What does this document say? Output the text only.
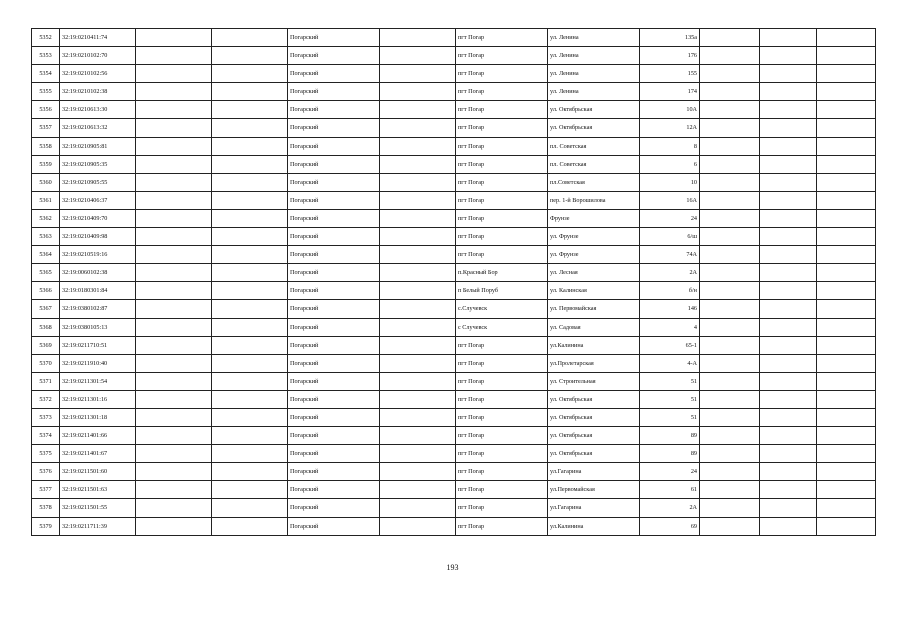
5352	32:19:0210411:74			Погарский		пгт Погар	ул. Ленина	135а			
5353	32:19:0210102:70			Погарский		пгт Погар	ул. Ленина	176			
5354	32:19:0210102:56			Погарский		пгт Погар	ул. Ленина	155			
5355	32:19:0210102:38			Погарский		пгт Погар	ул. Ленина	174			
5356	32:19:0210613:30			Погарский		пгт Погар	ул. Октябрьская	10А			
5357	32:19:0210613:32			Погарский		пгт Погар	ул. Октябрьская	12А			
5358	32:19:0210905:81			Погарский		пгт Погар	пл. Советская	8			
5359	32:19:0210905:35			Погарский		пгт Погар	пл. Советская	6			
5360	32:19:0210905:55			Погарский		пгт Погар	пл.Советская	10			
5361	32:19:0210406:37			Погарский		пгт Погар	пер. 1-й Ворошилова	16А			
5362	32:19:0210409:70			Погарский		пгт Погар	Фрунзе	24			
5363	32:19:0210409:98			Погарский		пгт Погар	ул. Фрунзе	6/ш			
5364	32:19:0210519:16			Погарский		пгт Погар	ул. Фрунзе	74А			
5365	32:19:0060102:38			Погарский		п.Красный Бор	ул. Лесная	2А			
5366	32:19:0180301:84			Погарский		п Белый Поруб	ул. Калинская	б/н			
5367	32:19:0380102:87			Погарский		с.Случевск	ул. Первомайская	146			
5368	32:19:0380105:13			Погарский		с Случевск	ул. Садовая	4			
5369	32:19:0211710:51			Погарский		пгт Погар	ул.Калинина	65-1			
5370	32:19:0211910:40			Погарский		пгт Погар	ул.Пролетарская	4-А			
5371	32:19:0211301:54			Погарский		пгт Погар	ул. Строительная	51			
5372	32:19:0211301:16			Погарский		пгт Погар	ул. Октябрьская	51			
5373	32:19:0211301:18			Погарский		пгт Погар	ул. Октябрьская	51			
5374	32:19:0211401:66			Погарский		пгт Погар	ул. Октябрьская	89			
5375	32:19:0211401:67			Погарский		пгт Погар	ул. Октябрьская	89			
5376	32:19:0211501:60			Погарский		пгт Погар	ул.Гагарина	24			
5377	32:19:0211501:63			Погарский		пгт Погар	ул.Первомайская	61			
5378	32:19:0211501:55			Погарский		пгт Погар	ул.Гагарина	2А			
5379	32:19:0211711:39			Погарский		пгт Погар	ул.Калинина	69			
193
